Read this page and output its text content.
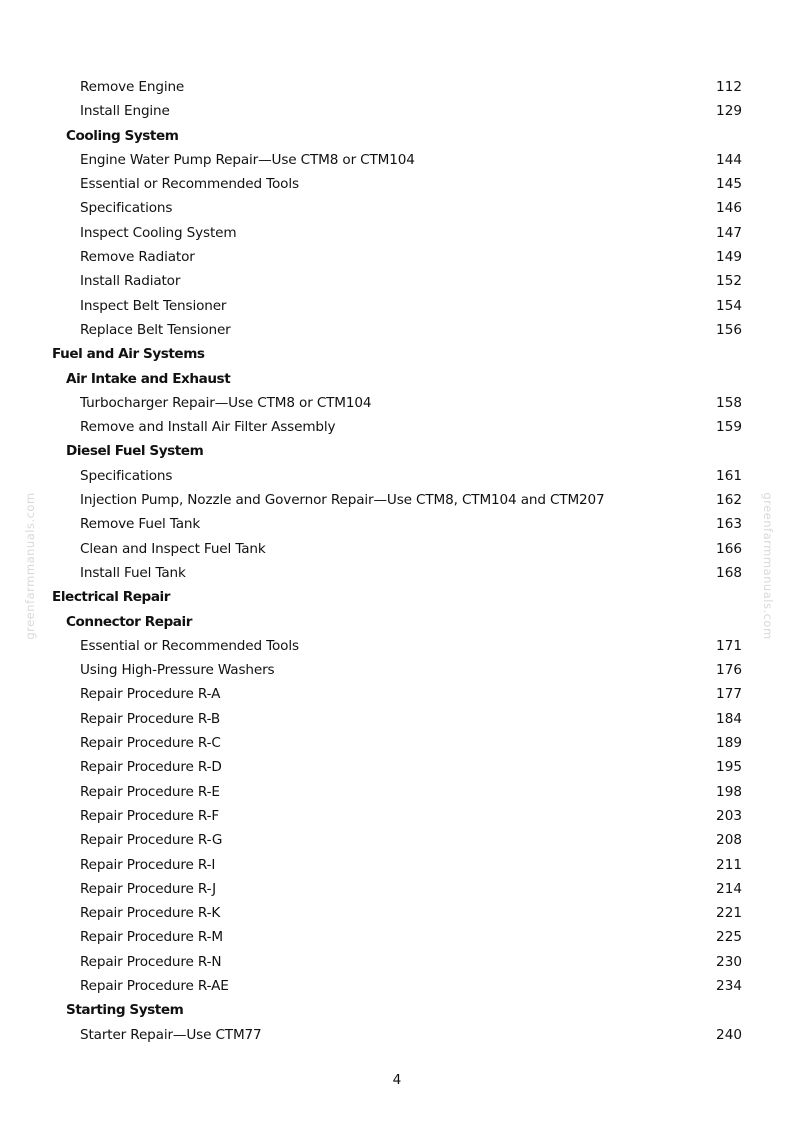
greenfarmmanuals.com	greenfarmmanuals.com
Remove Engine	112
Install Engine	129
Cooling System
Engine Water Pump Repair—Use CTM8 or CTM104	144
Essential or Recommended Tools	145
Specifications	146
Inspect Cooling System	147
Remove Radiator	149
Install Radiator	152
Inspect Belt Tensioner	154
Replace Belt Tensioner	156
Fuel and Air Systems
Air Intake and Exhaust
Turbocharger Repair—Use CTM8 or CTM104	158
Remove and Install Air Filter Assembly	159
Diesel Fuel System
Specifications	161
Injection Pump, Nozzle and Governor Repair—Use CTM8, CTM104 and CTM207	162
Remove Fuel Tank	163
Clean and Inspect Fuel Tank	166
Install Fuel Tank	168
Electrical Repair
Connector Repair
Essential or Recommended Tools	171
Using High-Pressure Washers	176
Repair Procedure R-A	177
Repair Procedure R-B	184
Repair Procedure R-C	189
Repair Procedure R-D	195
Repair Procedure R-E	198
Repair Procedure R-F	203
Repair Procedure R-G	208
Repair Procedure R-I	211
Repair Procedure R-J	214
Repair Procedure R-K	221
Repair Procedure R-M	225
Repair Procedure R-N	230
Repair Procedure R-AE	234
Starting System
Starter Repair—Use CTM77	240
4
